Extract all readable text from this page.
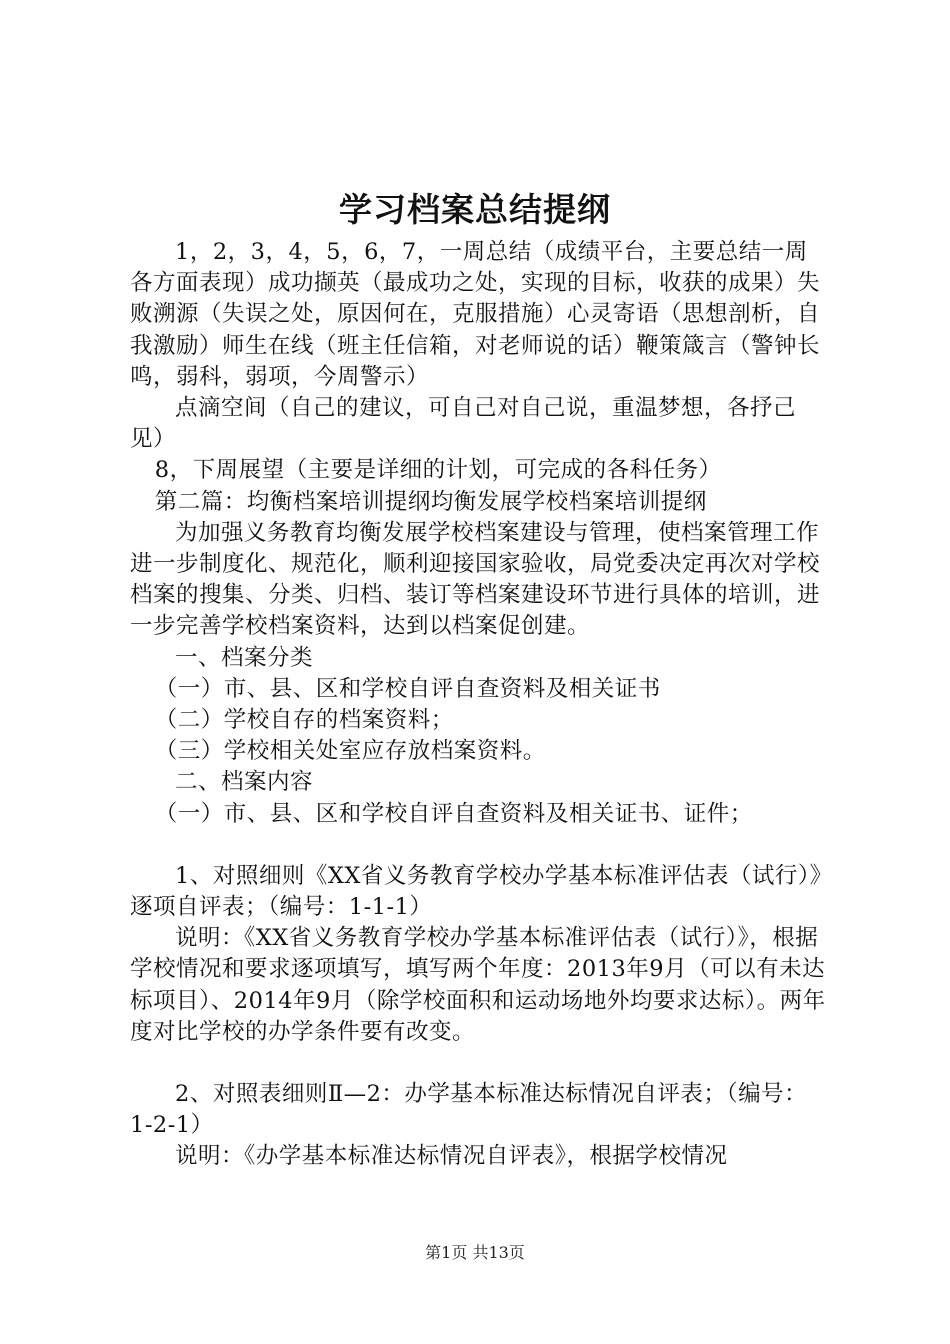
学习档案总结提纲

1，2，3，4，5，6，7，一周总结（成绩平台，主要总结一周各方面表现）成功撷英（最成功之处，实现的目标，收获的成果）失败溯源（失误之处，原因何在，克服措施）心灵寄语（思想剖析，自我激励）师生在线（班主任信箱，对老师说的话）鞭策箴言（警钟长鸣，弱科，弱项，今周警示）

点滴空间（自己的建议，可自己对自己说，重温梦想，各抒己见）

8，下周展望（主要是详细的计划，可完成的各科任务）

第二篇：均衡档案培训提纲均衡发展学校档案培训提纲

为加强义务教育均衡发展学校档案建设与管理，使档案管理工作进一步制度化、规范化，顺利迎接国家验收，局党委决定再次对学校档案的搜集、分类、归档、装订等档案建设环节进行具体的培训，进一步完善学校档案资料，达到以档案促创建。

一、档案分类

（一）市、县、区和学校自评自查资料及相关证书

（二）学校自存的档案资料；

（三）学校相关处室应存放档案资料。

二、档案内容

（一）市、县、区和学校自评自查资料及相关证书、证件；

1、对照细则《XX省义务教育学校办学基本标准评估表（试行）》逐项自评表；（编号：1-1-1）

说明：《XX省义务教育学校办学基本标准评估表（试行）》，根据学校情况和要求逐项填写，填写两个年度：2013年9月（可以有未达标项目）、2014年9月（除学校面积和运动场地外均要求达标）。两年度对比学校的办学条件要有改变。

2、对照表细则Ⅱ—2：办学基本标准达标情况自评表；（编号：1-2-1）

说明：《办学基本标准达标情况自评表》，根据学校情况

第1页 共13页
